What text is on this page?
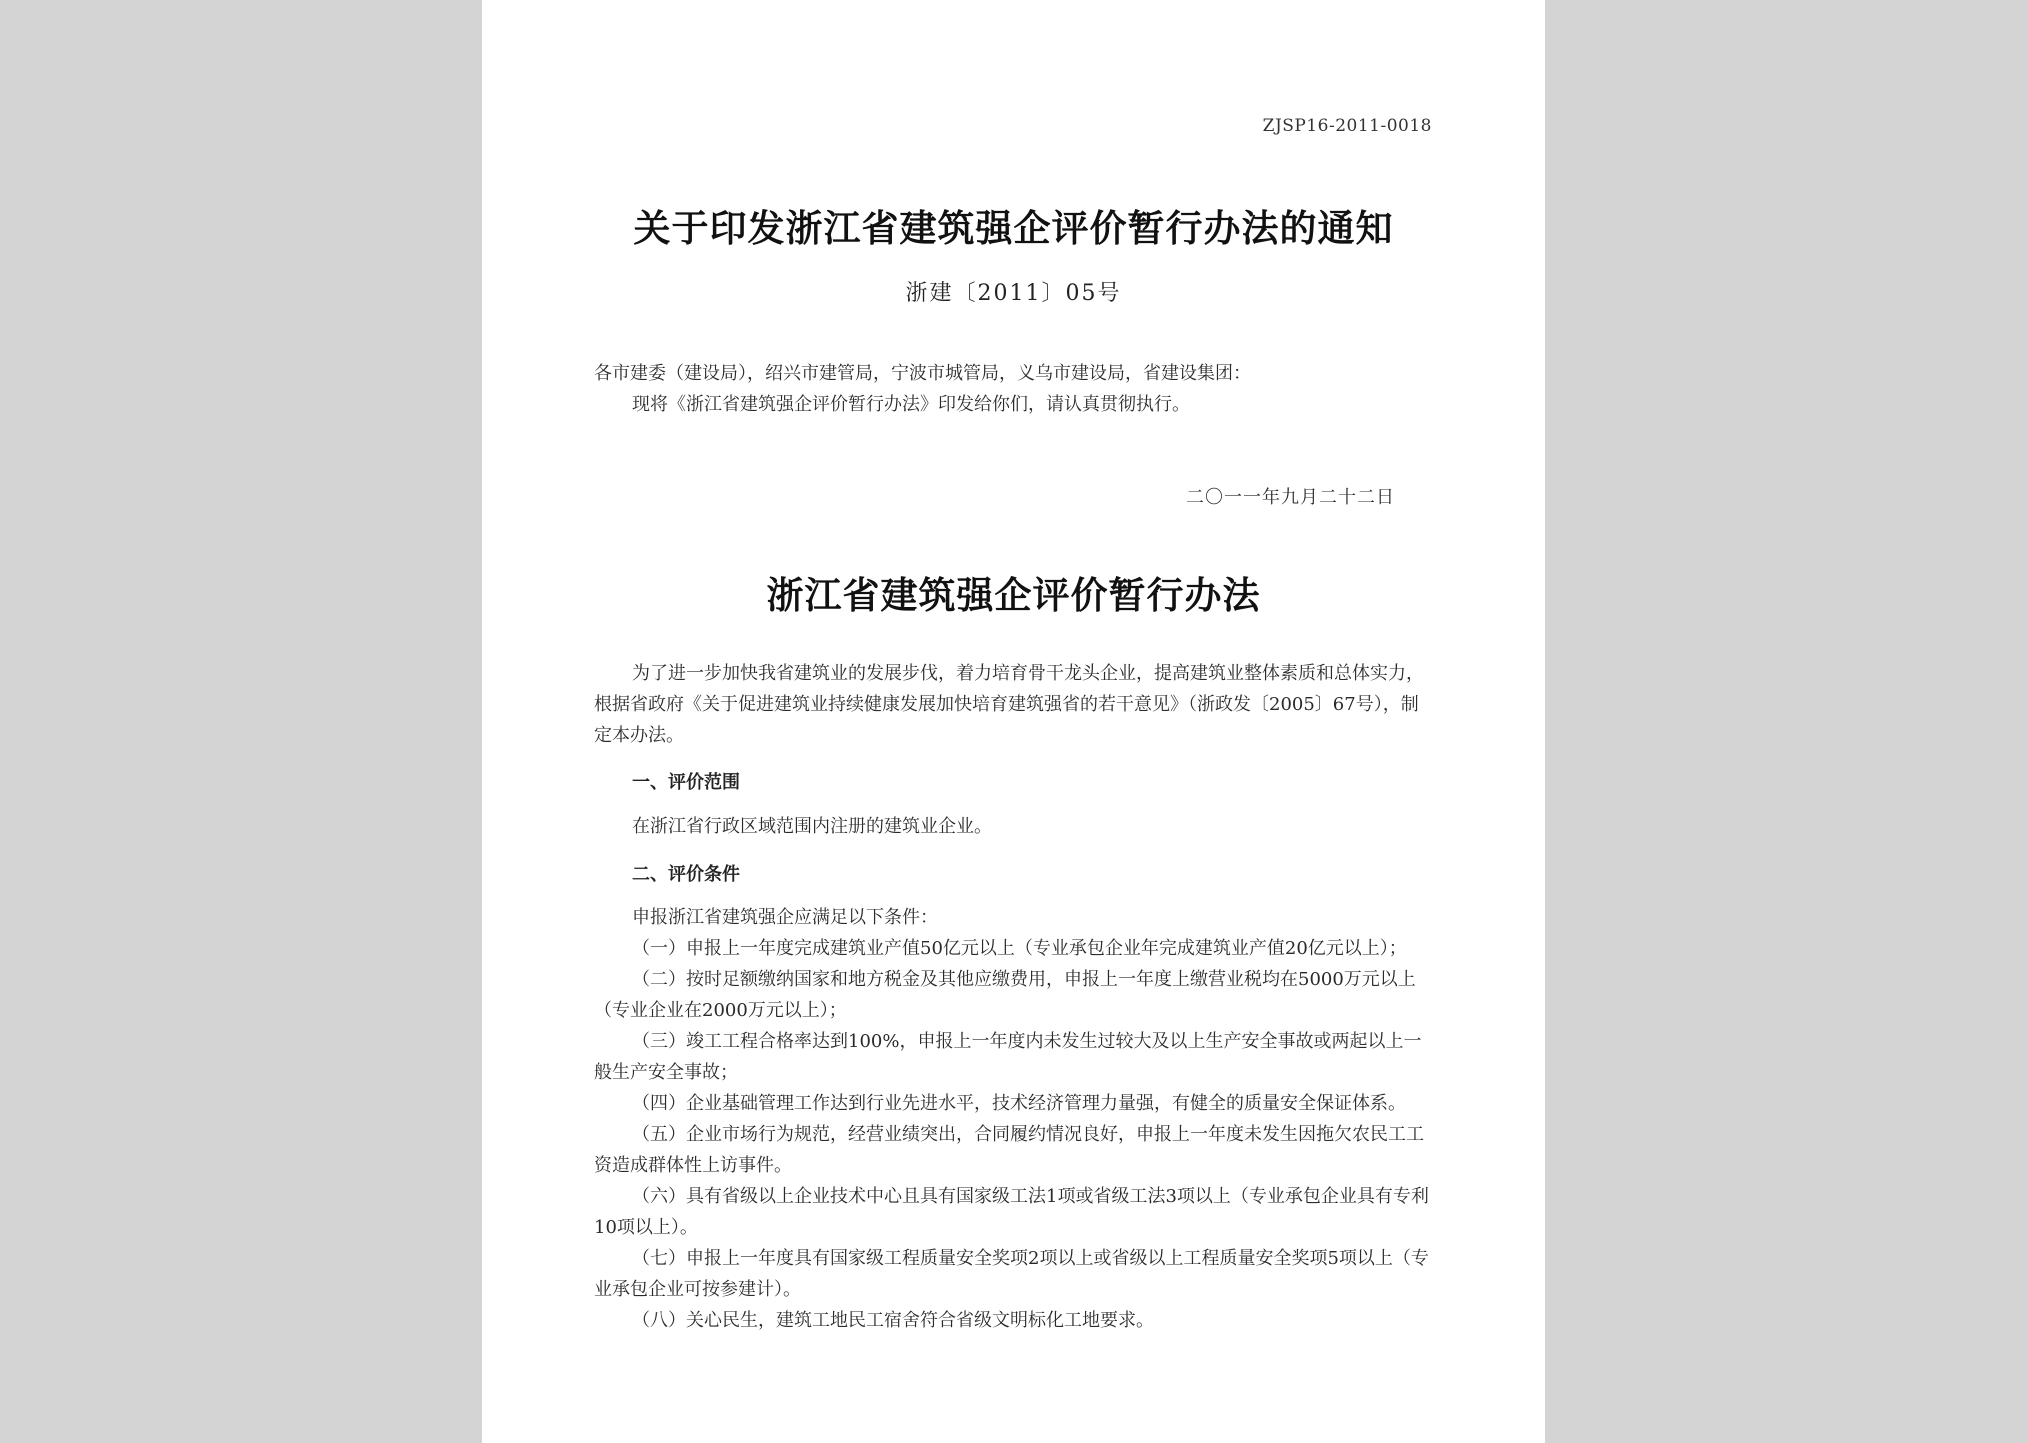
ZJSP16-2011-0018
关于印发浙江省建筑强企评价暂行办法的通知
浙建〔2011〕05号

各市建委（建设局），绍兴市建管局，宁波市城管局，义乌市建设局，省建设集团：

现将《浙江省建筑强企评价暂行办法》印发给你们，请认真贯彻执行。

二〇一一年九月二十二日
浙江省建筑强企评价暂行办法

为了进一步加快我省建筑业的发展步伐，着力培育骨干龙头企业，提高建筑业整体素质和总体实力，根据省政府《关于促进建筑业持续健康发展加快培育建筑强省的若干意见》（浙政发〔2005〕67号），制定本办法。

一、评价范围

在浙江省行政区域范围内注册的建筑业企业。

二、评价条件

申报浙江省建筑强企应满足以下条件：

（一）申报上一年度完成建筑业产值50亿元以上（专业承包企业年完成建筑业产值20亿元以上）；

（二）按时足额缴纳国家和地方税金及其他应缴费用，申报上一年度上缴营业税均在5000万元以上（专业企业在2000万元以上）；

（三）竣工工程合格率达到100%，申报上一年度内未发生过较大及以上生产安全事故或两起以上一般生产安全事故；

（四）企业基础管理工作达到行业先进水平，技术经济管理力量强，有健全的质量安全保证体系。

（五）企业市场行为规范，经营业绩突出，合同履约情况良好，申报上一年度未发生因拖欠农民工工资造成群体性上访事件。

（六）具有省级以上企业技术中心且具有国家级工法1项或省级工法3项以上（专业承包企业具有专利10项以上）。

（七）申报上一年度具有国家级工程质量安全奖项2项以上或省级以上工程质量安全奖项5项以上（专业承包企业可按参建计）。

（八）关心民生，建筑工地民工宿舍符合省级文明标化工地要求。
